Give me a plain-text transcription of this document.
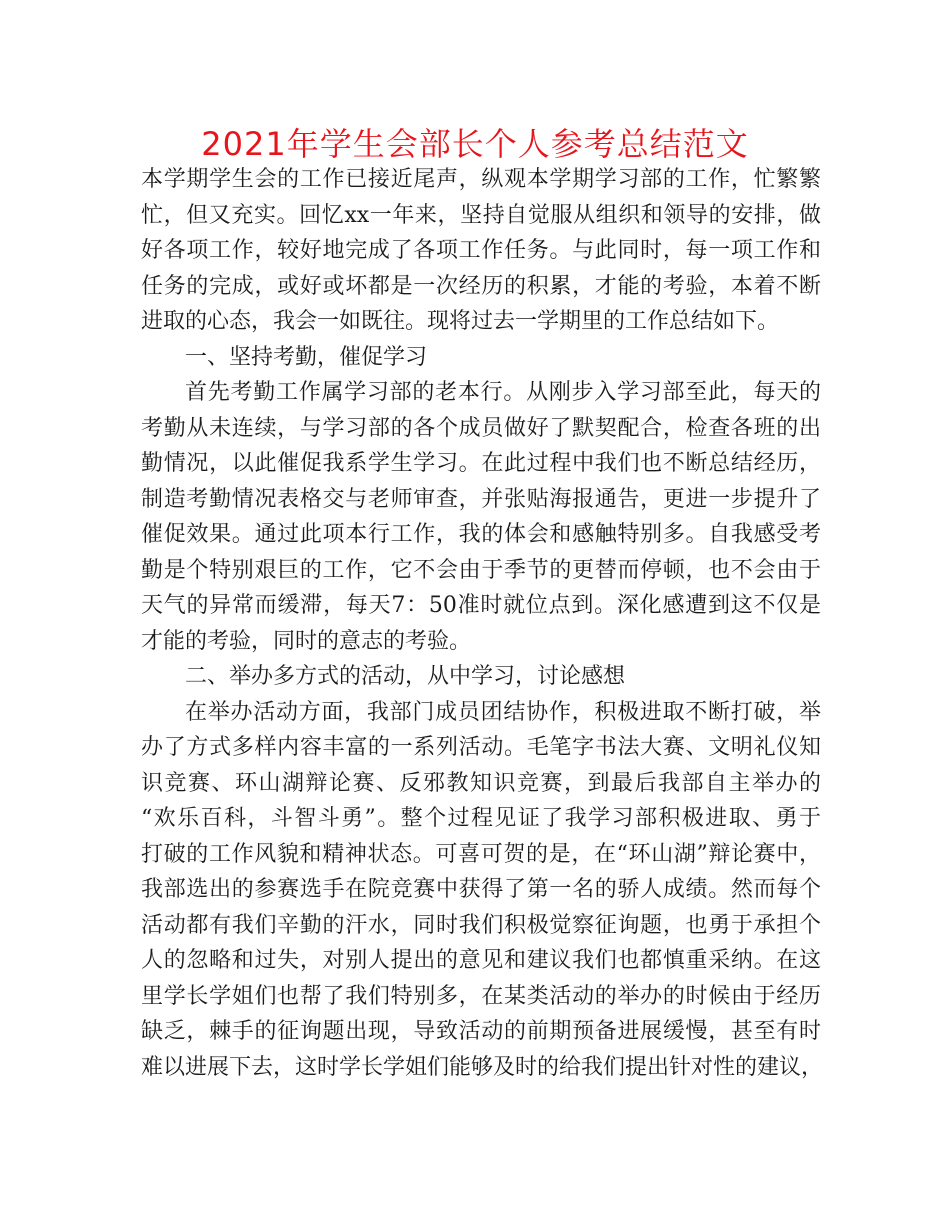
2021年学生会部长个人参考总结范文
本学期学生会的工作已接近尾声，纵观本学期学习部的工作，忙繁繁
忙，但又充实。回忆xx一年来，坚持自觉服从组织和领导的安排，做
好各项工作，较好地完成了各项工作任务。与此同时，每一项工作和
任务的完成，或好或坏都是一次经历的积累，才能的考验，本着不断
进取的心态，我会一如既往。现将过去一学期里的工作总结如下。
一、坚持考勤，催促学习
首先考勤工作属学习部的老本行。从刚步入学习部至此，每天的
考勤从未连续，与学习部的各个成员做好了默契配合，检查各班的出
勤情况，以此催促我系学生学习。在此过程中我们也不断总结经历，
制造考勤情况表格交与老师审查，并张贴海报通告，更进一步提升了
催促效果。通过此项本行工作，我的体会和感触特别多。自我感受考
勤是个特别艰巨的工作，它不会由于季节的更替而停顿，也不会由于
天气的异常而缓滞，每天7：50准时就位点到。深化感遭到这不仅是
才能的考验，同时的意志的考验。
二、举办多方式的活动，从中学习，讨论感想
在举办活动方面，我部门成员团结协作，积极进取不断打破，举
办了方式多样内容丰富的一系列活动。毛笔字书法大赛、文明礼仪知
识竞赛、环山湖辩论赛、反邪教知识竞赛，到最后我部自主举办的
“欢乐百科，斗智斗勇”。整个过程见证了我学习部积极进取、勇于
打破的工作风貌和精神状态。可喜可贺的是，在“环山湖”辩论赛中，
我部选出的参赛选手在院竞赛中获得了第一名的骄人成绩。然而每个
活动都有我们辛勤的汗水，同时我们积极觉察征询题，也勇于承担个
人的忽略和过失，对别人提出的意见和建议我们也都慎重采纳。在这
里学长学姐们也帮了我们特别多，在某类活动的举办的时候由于经历
缺乏，棘手的征询题出现，导致活动的前期预备进展缓慢，甚至有时
难以进展下去，这时学长学姐们能够及时的给我们提出针对性的建议，
